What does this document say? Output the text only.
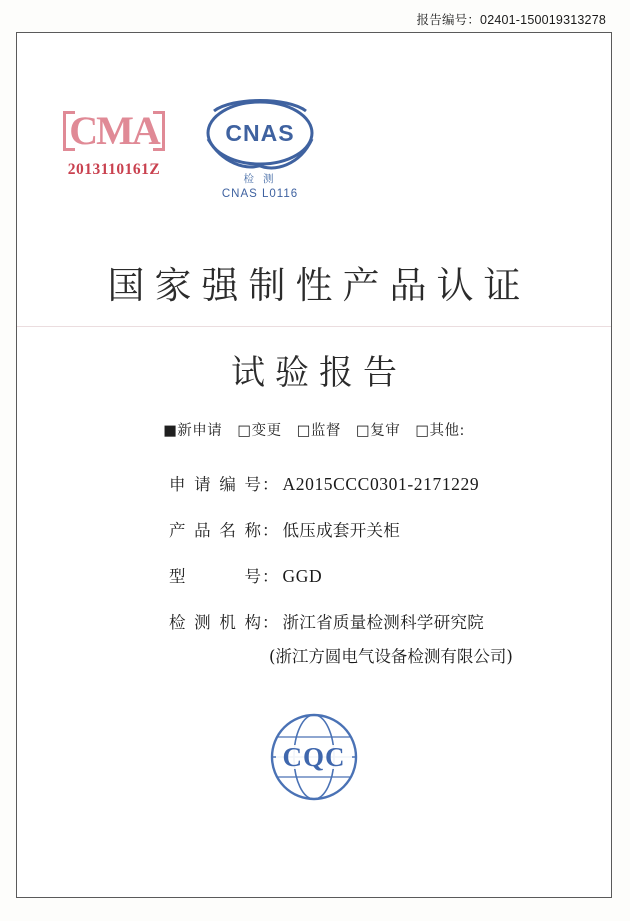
报告编号：02401-150019313278
CMA
2013110161Z
CNAS
检 测
CNAS L0116
国家强制性产品认证
试验报告
■新申请 □变更 □监督 □复审 □其他:
申请编号 ： A2015CCC0301-2171229
产品名称 ： 低压成套开关柜
型 号 ： GGD
检测机构 ： 浙江省质量检测科学研究院
(浙江方圆电气设备检测有限公司)
CQC
